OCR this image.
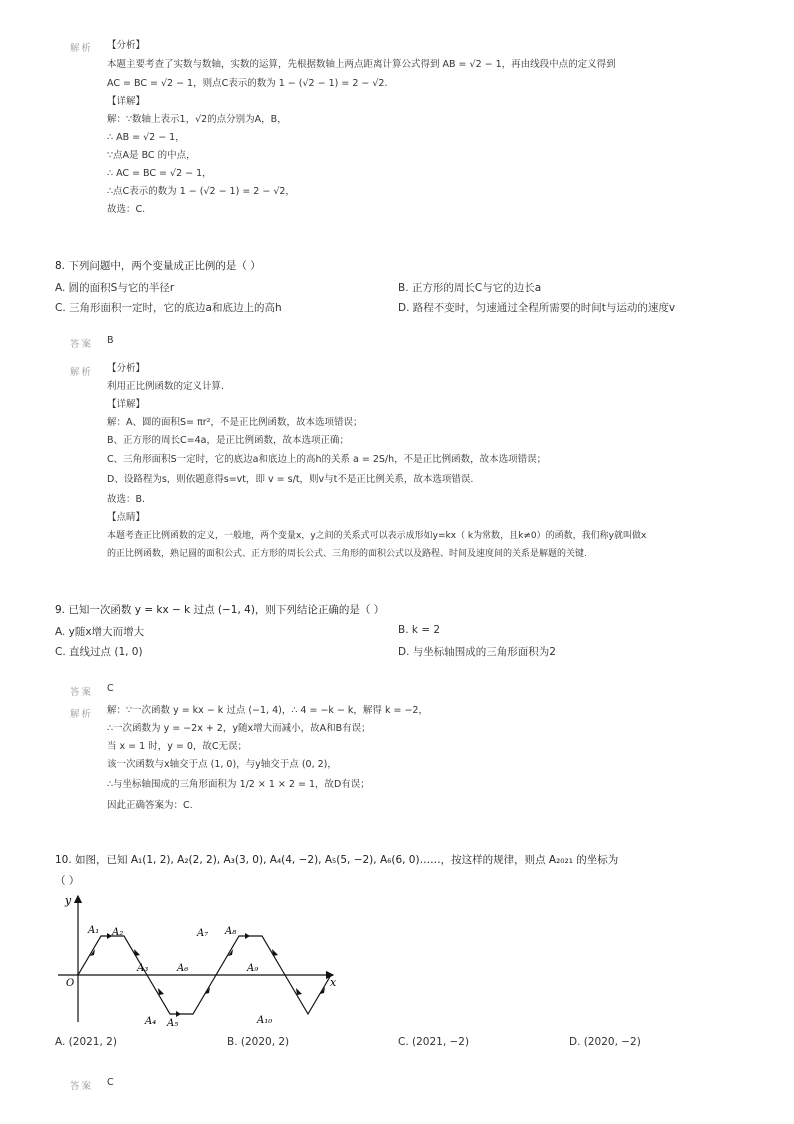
解析 【分析】
本题主要考查了实数与数轴，实数的运算，先根据数轴上两点距离计算公式得到 AB = √2 − 1，再由线段中点的定义得到
AC = BC = √2 − 1，则点C表示的数为 1 − (√2 − 1) = 2 − √2.
【详解】
解：∵数轴上表示1，√2的点分别为A，B，
∴ AB = √2 − 1，
∵点A是 BC 的中点，
∴ AC = BC = √2 − 1，
∴点C表示的数为 1 − (√2 − 1) = 2 − √2，
故选：C.
8. 下列问题中，两个变量成正比例的是（ ）
A. 圆的面积S与它的半径r	B. 正方形的周长C与它的边长a
C. 三角形面积一定时，它的底边a和底边上的高h	D. 路程不变时，匀速通过全程所需要的时间t与运动的速度v
答案 B
解析 【分析】
利用正比例函数的定义计算.
【详解】
解：A、圆的面积S= πr²，不是正比例函数，故本选项错误；
B、正方形的周长C=4a，是正比例函数，故本选项正确；
C、三角形面积S一定时，它的底边a和底边上的高h的关系 a = 2S/h，不是正比例函数，故本选项错误；
D、设路程为s，则依题意得s=vt，即 v = s/t，则v与t不是正比例关系，故本选项错误.
故选：B.
【点睛】
本题考查正比例函数的定义，一般地，两个变量x，y之间的关系式可以表示成形如y=kx（ k为常数，且k≠0）的函数，我们称y就叫做x
的正比例函数，熟记圆的面积公式、正方形的周长公式、三角形的面积公式以及路程、时间及速度间的关系是解题的关键.
9. 已知一次函数 y = kx − k 过点 (−1, 4)，则下列结论正确的是（ ）
A. y随x增大而增大	B. k = 2
C. 直线过点 (1, 0)	D. 与坐标轴围成的三角形面积为2
答案 C
解析 解：∵一次函数 y = kx − k 过点 (−1, 4)，∴ 4 = −k − k，解得 k = −2，
∴一次函数为 y = −2x + 2，y随x增大而减小，故A和B有误；
当 x = 1 时，y = 0，故C无误；
该一次函数与x轴交于点 (1, 0)，与y轴交于点 (0, 2)，
∴与坐标轴围成的三角形面积为 1/2 × 1 × 2 = 1，故D有误；
因此正确答案为：C.
10. 如图，已知 A₁(1, 2), A₂(2, 2), A₃(3, 0), A₄(4, −2), A₅(5, −2), A₆(6, 0)……，按这样的规律，则点 A₂₀₂₁ 的坐标为
（ ）
x
y
O
A₁ A₂
A₃
A₄ A₅
A₆
A₇ A₈
A₉
A₁₀
A. (2021, 2)	B. (2020, 2)	C. (2021, −2)	D. (2020, −2)
答案 C
